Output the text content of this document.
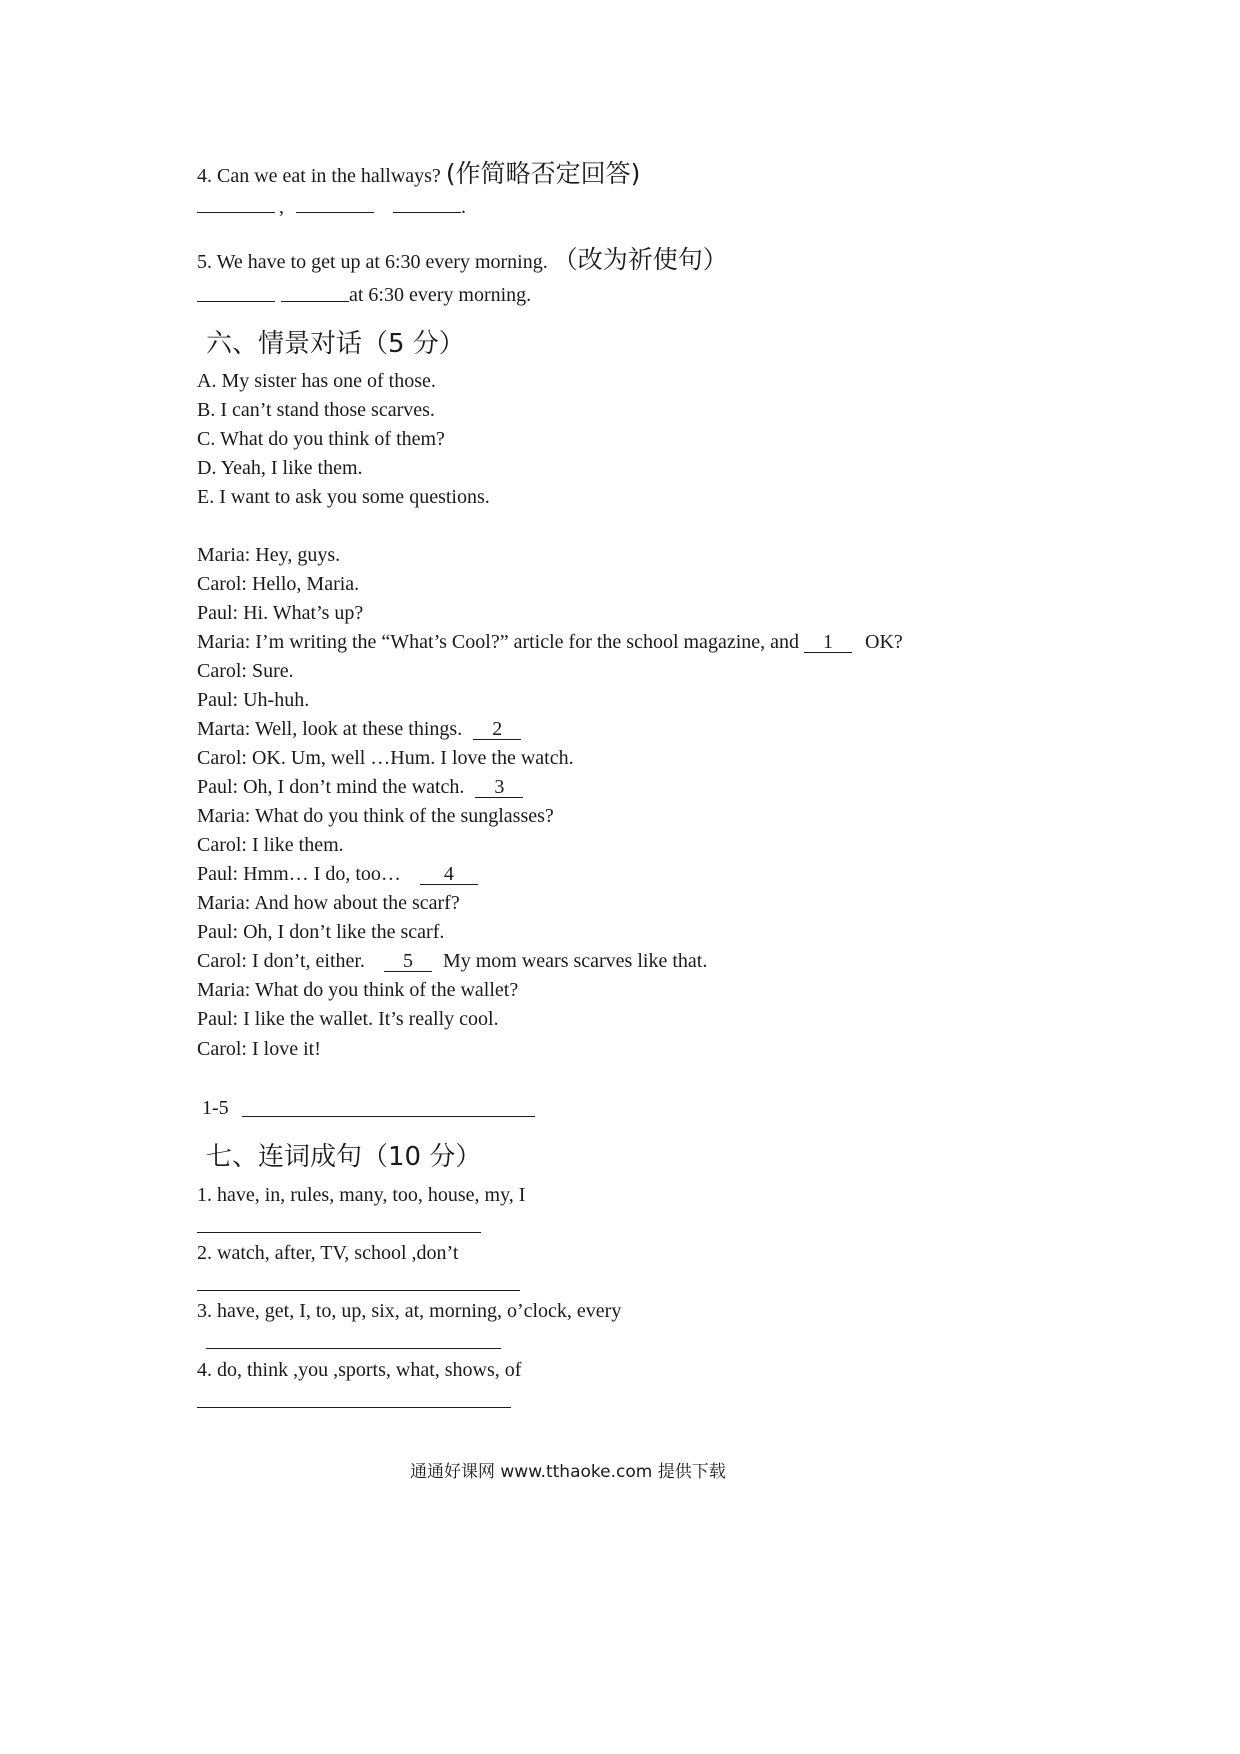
4. Can we eat in the hallways? (作简略否定回答)
,	.
5. We have to get up at 6:30 every morning. （改为祈使句）
at 6:30 every morning.
六、情景对话（5 分）
A. My sister has one of those.
B. I can’t stand those scarves.
C. What do you think of them?
D. Yeah, I like them.
E. I want to ask you some questions.
Maria: Hey, guys.
Carol: Hello, Maria.
Paul: Hi. What’s up?
Maria: I’m writing the “What’s Cool?” article for the school magazine, and 1 OK?
Carol: Sure.
Paul: Uh-huh.
Marta: Well, look at these things. 2
Carol: OK. Um, well …Hum. I love the watch.
Paul: Oh, I don’t mind the watch. 3
Maria: What do you think of the sunglasses?
Carol: I like them.
Paul: Hmm… I do, too… 4
Maria: And how about the scarf?
Paul: Oh, I don’t like the scarf.
Carol: I don’t, either. 5 My mom wears scarves like that.
Maria: What do you think of the wallet?
Paul: I like the wallet. It’s really cool.
Carol: I love it!
1-5
七、连词成句（10 分）
1. have, in, rules, many, too, house, my, I
2. watch, after, TV, school ,don’t
3. have, get, I, to, up, six, at, morning, o’clock, every
4. do, think ,you ,sports, what, shows, of
通通好课网 www.tthaoke.com 提供下载
